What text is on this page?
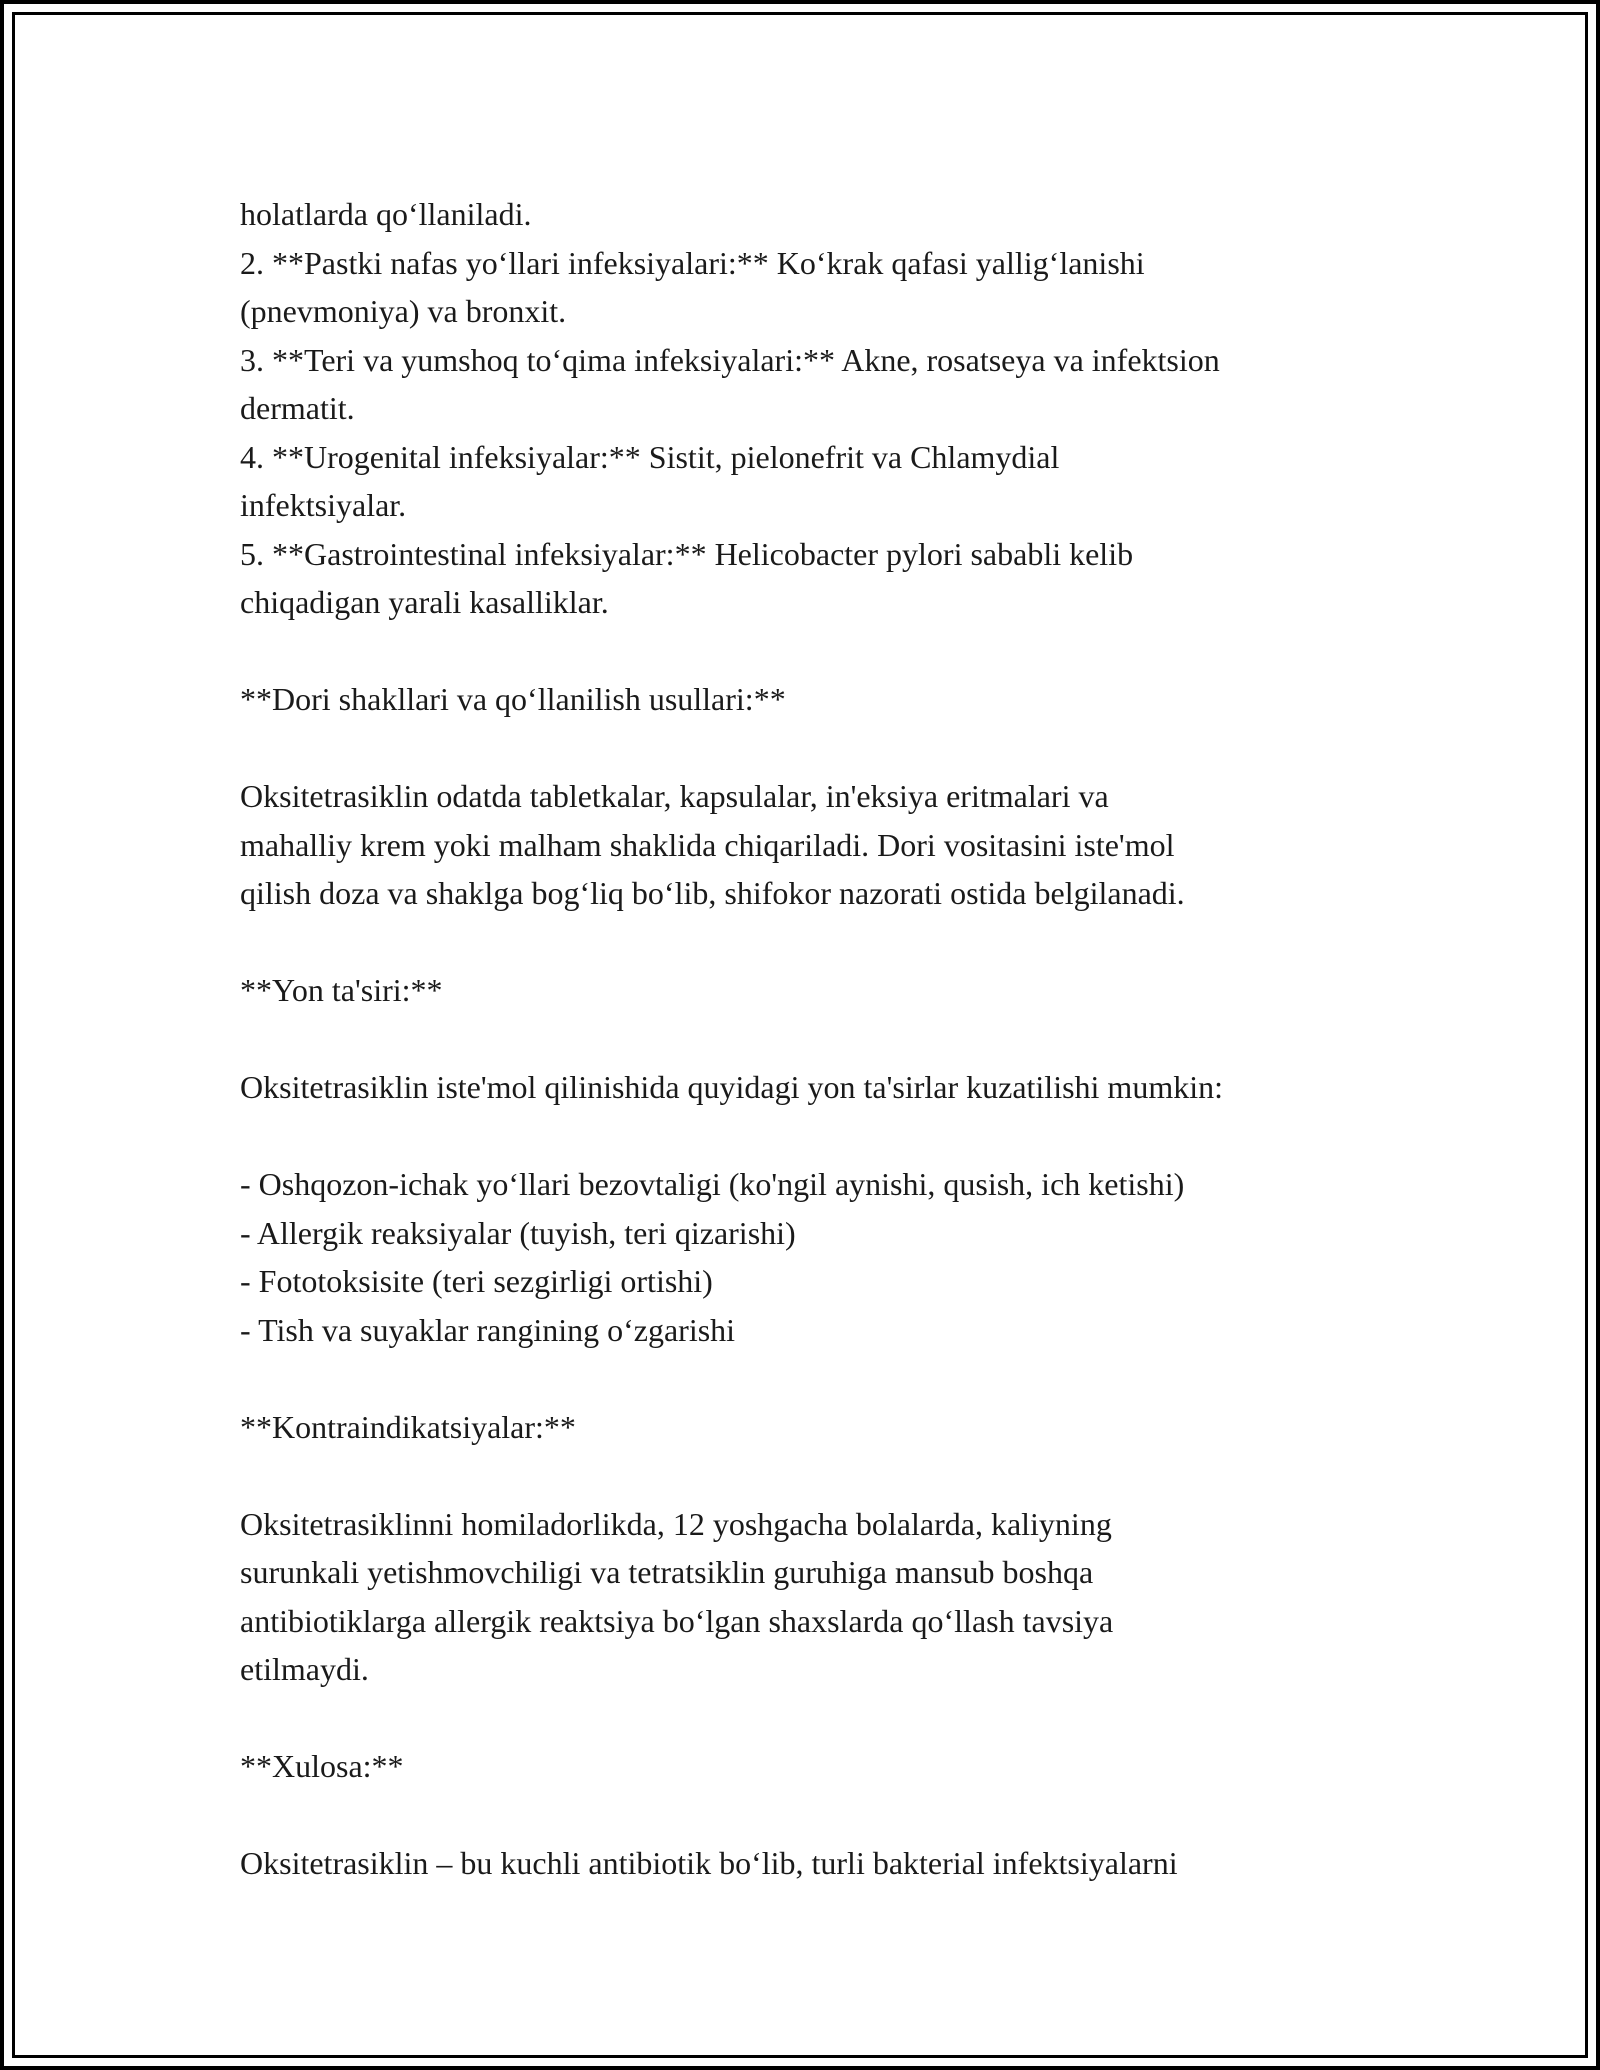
holatlarda qo‘llaniladi.
2. **Pastki nafas yo‘llari infeksiyalari:** Ko‘krak qafasi yallig‘lanishi
(pnevmoniya) va bronxit.
3. **Teri va yumshoq to‘qima infeksiyalari:** Akne, rosatseya va infektsion
dermatit.
4. **Urogenital infeksiyalar:** Sistit, pielonefrit va Chlamydial
infektsiyalar.
5. **Gastrointestinal infeksiyalar:** Helicobacter pylori sababli kelib
chiqadigan yarali kasalliklar.
**Dori shakllari va qo‘llanilish usullari:**
Oksitetrasiklin odatda tabletkalar, kapsulalar, in'eksiya eritmalari va
mahalliy krem yoki malham shaklida chiqariladi. Dori vositasini iste'mol
qilish doza va shaklga bog‘liq bo‘lib, shifokor nazorati ostida belgilanadi.
**Yon ta'siri:**
Oksitetrasiklin iste'mol qilinishida quyidagi yon ta'sirlar kuzatilishi mumkin:
- Oshqozon-ichak yo‘llari bezovtaligi (ko'ngil aynishi, qusish, ich ketishi)
- Allergik reaksiyalar (tuyish, teri qizarishi)
- Fototoksisite (teri sezgirligi ortishi)
- Tish va suyaklar rangining o‘zgarishi
**Kontraindikatsiyalar:**
Oksitetrasiklinni homiladorlikda, 12 yoshgacha bolalarda, kaliyning
surunkali yetishmovchiligi va tetratsiklin guruhiga mansub boshqa
antibiotiklarga allergik reaktsiya bo‘lgan shaxslarda qo‘llash tavsiya
etilmaydi.
**Xulosa:**
Oksitetrasiklin – bu kuchli antibiotik bo‘lib, turli bakterial infektsiyalarni
